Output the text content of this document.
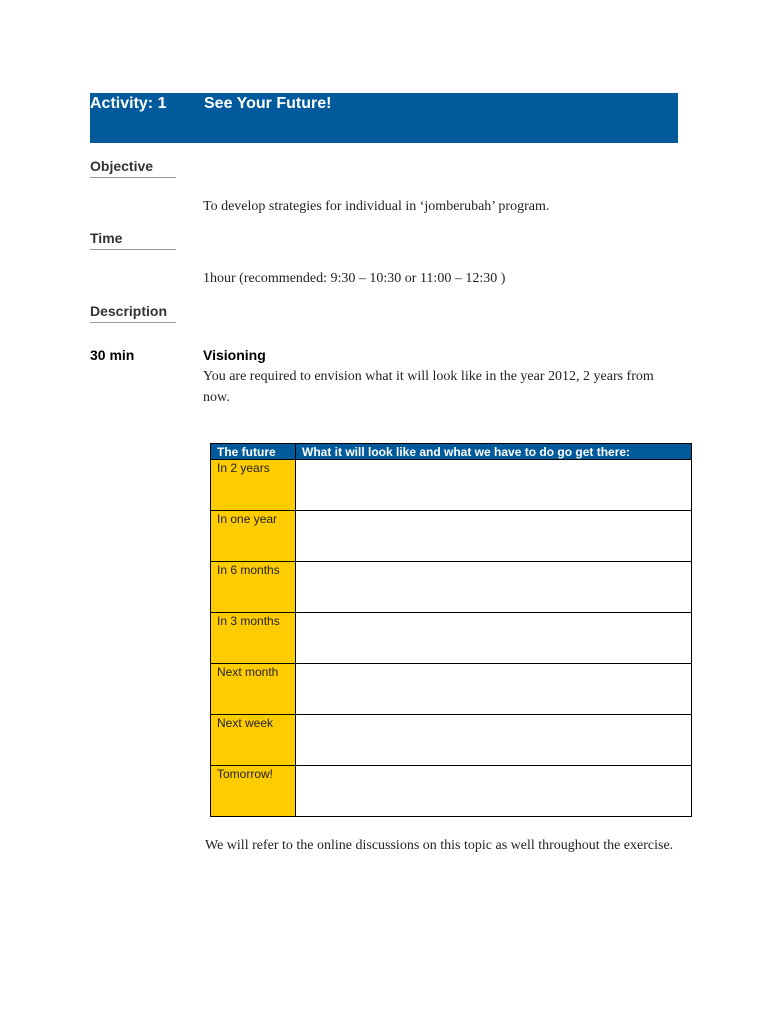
Activity: 1 See Your Future!
Objective
To develop strategies for individual in ‘jomberubah’ program.
Time
1hour (recommended: 9:30 – 10:30 or 11:00 – 12:30 )
Description
30 min	Visioning
You are required to envision what it will look like in the year 2012, 2 years from now.
The future	What it will look like and what we have to do go get there:
In 2 years	
In one year	
In 6 months	
In 3 months	
Next month	
Next week	
Tomorrow!	
We will refer to the online discussions on this topic as well throughout the exercise.
